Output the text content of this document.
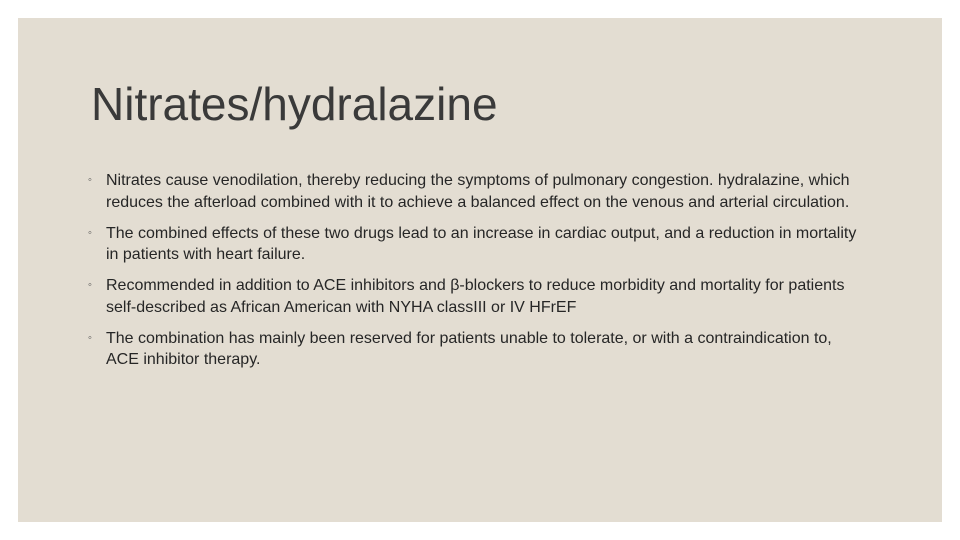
Nitrates/hydralazine
◦ Nitrates cause venodilation, thereby reducing the symptoms of pulmonary congestion. hydralazine, which reduces the afterload combined with it to achieve a balanced effect on the venous and arterial circulation.
◦ The combined effects of these two drugs lead to an increase in cardiac output, and a reduction in mortality in patients with heart failure.
◦ Recommended in addition to ACE inhibitors and β-blockers to reduce morbidity and mortality for patients self-described as African American with NYHA classIII or IV HFrEF
◦ The combination has mainly been reserved for patients unable to tolerate, or with a contraindication to, ACE inhibitor therapy.
